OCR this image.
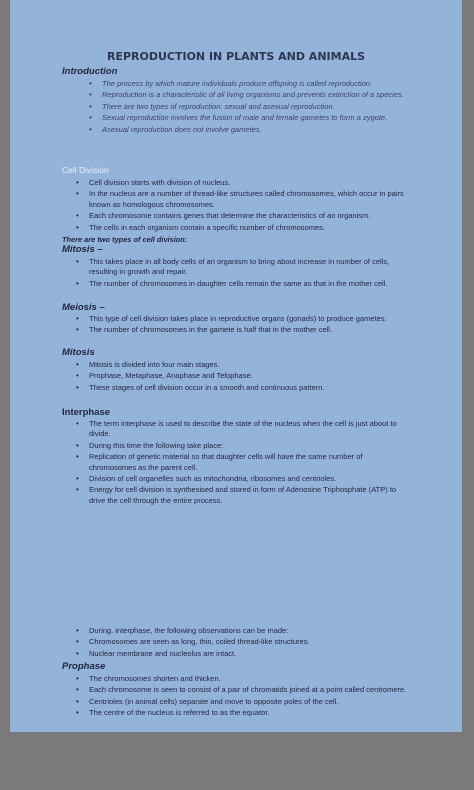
REPRODUCTION IN PLANTS AND ANIMALS
Introduction
• The process by which mature individuals produce offspring is called reproduction.
• Reproduction is a characteristic of all living organisms and prevents extinction of a species.
• There are two types of reproduction: sexual and asexual reproduction.
• Sexual reproduction involves the fusion of male and female gametes to form a zygote.
• Asexual reproduction does not involve gametes.
Cell Division
• Cell division starts with division of nucleus.
• In the nucleus are a number of thread-like structures called chromosomes, which occur in pairs known as homologous chromosomes.
• Each chromosome contains genes that determine the characteristics of an organism.
• The cells in each organism contain a specific number of chromosomes.
There are two types of cell division:
Mitosis –
• This takes place in all body cells of an organism to bring about increase in number of cells, resulting in growth and repair.
• The number of chromosomes in daughter cells remain the same as that in the mother cell.
Meiosis –
• This type of cell division takes place in reproductive organs (gonads) to produce gametes.
• The number of chromosomes in the gamete is half that in the mother cell.
Mitosis
• Mitosis is divided into four main stages.
• Prophase, Metaphase, Anaphase and Telophase.
• These stages of cell division occur in a smooth and continuous pattern.
Interphase
• The term interphase is used to describe the state of the nucleus when the cell is just about to divide.
• During this time the following take place:
• Replication of genetic material so that daughter cells will have the same number of chromosomes as the parent cell.
• Division of cell organelles such as mitochondria, ribosomes and centrioles.
• Energy for cell division is synthesised and stored in form of Adenosine Triphosphate (ATP) to drive the cell through the entire process.
• During. interphase, the following observations can be made:
• Chromosomes are seen as long, thin, coiled thread-like structures.
• Nuclear membrane and nucleolus are intact.
Prophase
• The chromosomes shorten and thicken.
• Each chromosome is seen to consist of a pair of chromatids joined at a point called centromere.
• Centrioles (in animal cells) separate and move to opposite poles of the cell.
• The centre of the nucleus is referred to as the equator.
